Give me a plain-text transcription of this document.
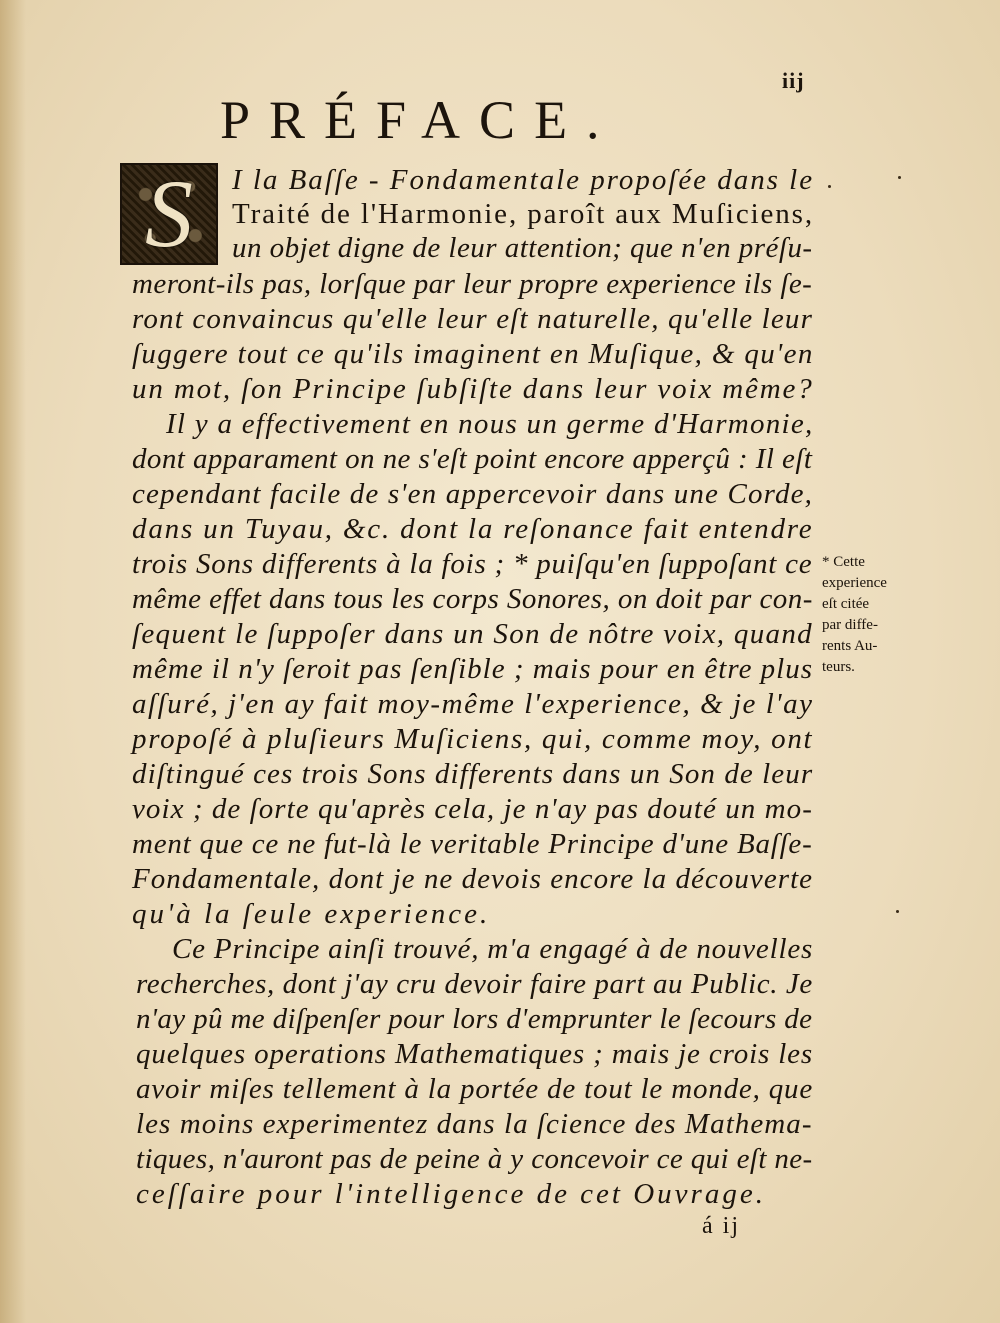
iij
PRÉFACE.
S I la Baſſe - Fondamentale propoſée dans le
Traité de l'Harmonie, paroît aux Muſiciens,
un objet digne de leur attention; que n'en préſu-
meront-ils pas, lorſque par leur propre experience ils ſe-
ront convaincus qu'elle leur eſt naturelle, qu'elle leur
ſuggere tout ce qu'ils imaginent en Muſique, & qu'en
un mot, ſon Principe ſubſiſte dans leur voix même?
Il y a effectivement en nous un germe d'Harmonie,
dont apparament on ne s'eſt point encore apperçû : Il eſt
cependant facile de s'en appercevoir dans une Corde,
dans un Tuyau, &c. dont la reſonance fait entendre
trois Sons differents à la fois ; * puiſqu'en ſuppoſant ce
même effet dans tous les corps Sonores, on doit par con-
ſequent le ſuppoſer dans un Son de nôtre voix, quand
même il n'y ſeroit pas ſenſible ; mais pour en être plus
aſſuré, j'en ay fait moy-même l'experience, & je l'ay
propoſé à pluſieurs Muſiciens, qui, comme moy, ont
diſtingué ces trois Sons differents dans un Son de leur
voix ; de ſorte qu'après cela, je n'ay pas douté un mo-
ment que ce ne fut-là le veritable Principe d'une Baſſe-
Fondamentale, dont je ne devois encore la découverte
qu'à la ſeule experience.
Ce Principe ainſi trouvé, m'a engagé à de nouvelles
recherches, dont j'ay cru devoir faire part au Public. Je
n'ay pû me diſpenſer pour lors d'emprunter le ſecours de
quelques operations Mathematiques ; mais je crois les
avoir miſes tellement à la portée de tout le monde, que
les moins experimentez dans la ſcience des Mathema-
tiques, n'auront pas de peine à y concevoir ce qui eſt ne-
ceſſaire pour l'intelligence de cet Ouvrage.
* Cette
experience
eſt citée
par diffe-
rents Au-
teurs.
á ij
